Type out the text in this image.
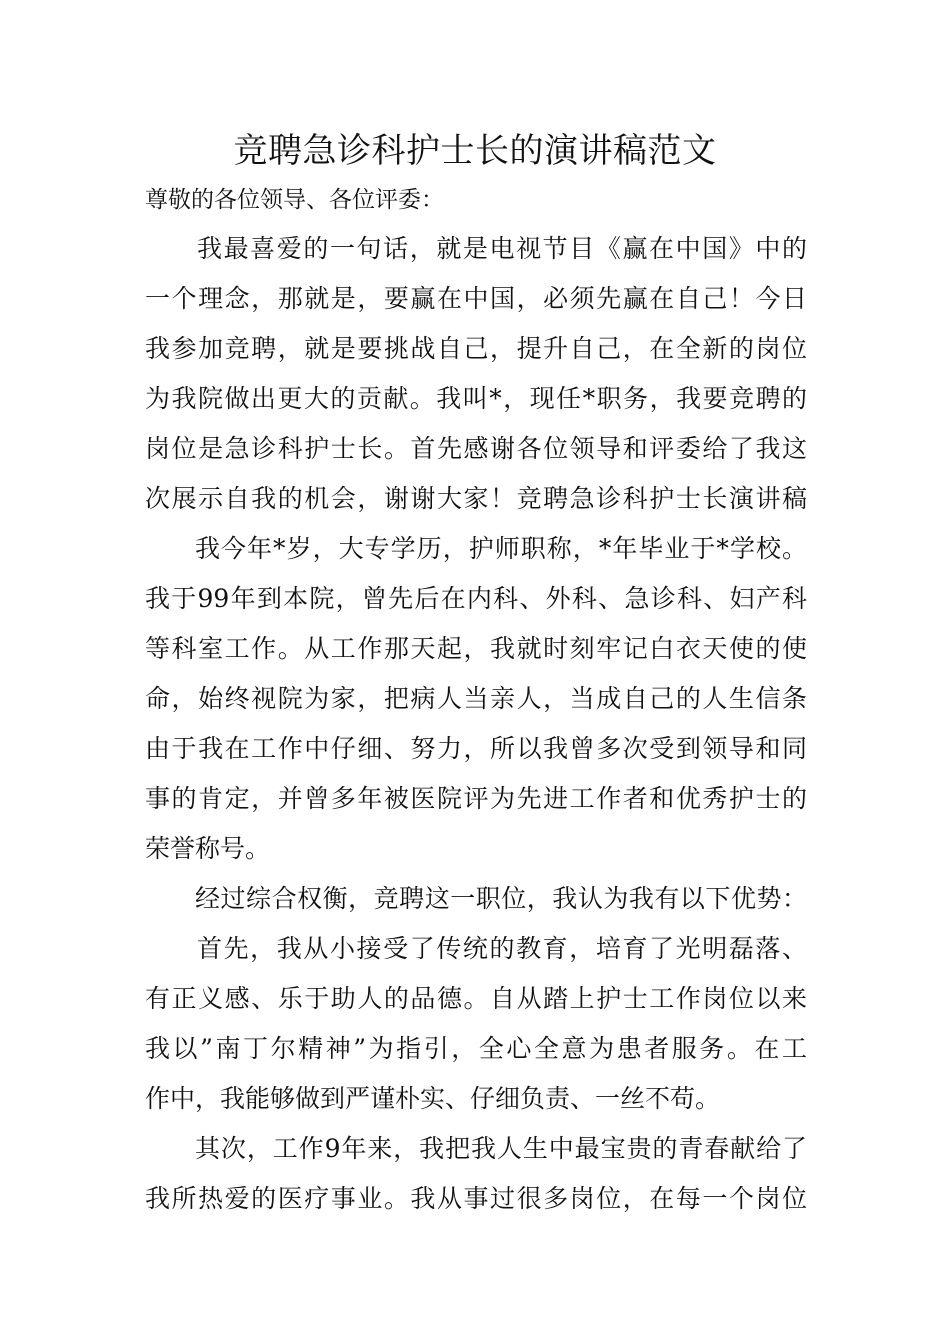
竞聘急诊科护士长的演讲稿范文
尊敬的各位领导、各位评委：
我最喜爱的一句话，就是电视节目《赢在中国》中的
一个理念，那就是，要赢在中国，必须先赢在自己！今日
我参加竞聘，就是要挑战自己，提升自己，在全新的岗位
为我院做出更大的贡献。我叫*，现任*职务，我要竞聘的
岗位是急诊科护士长。首先感谢各位领导和评委给了我这
次展示自我的机会，谢谢大家！竞聘急诊科护士长演讲稿
我今年*岁，大专学历，护师职称，*年毕业于*学校。
我于99年到本院，曾先后在内科、外科、急诊科、妇产科
等科室工作。从工作那天起，我就时刻牢记白衣天使的使
命，始终视院为家，把病人当亲人，当成自己的人生信条
由于我在工作中仔细、努力，所以我曾多次受到领导和同
事的肯定，并曾多年被医院评为先进工作者和优秀护士的
荣誉称号。
经过综合权衡，竞聘这一职位，我认为我有以下优势：
首先，我从小接受了传统的教育，培育了光明磊落、
有正义感、乐于助人的品德。自从踏上护士工作岗位以来
我以”南丁尔精神”为指引，全心全意为患者服务。在工
作中，我能够做到严谨朴实、仔细负责、一丝不苟。
其次，工作9年来，我把我人生中最宝贵的青春献给了
我所热爱的医疗事业。我从事过很多岗位，在每一个岗位
